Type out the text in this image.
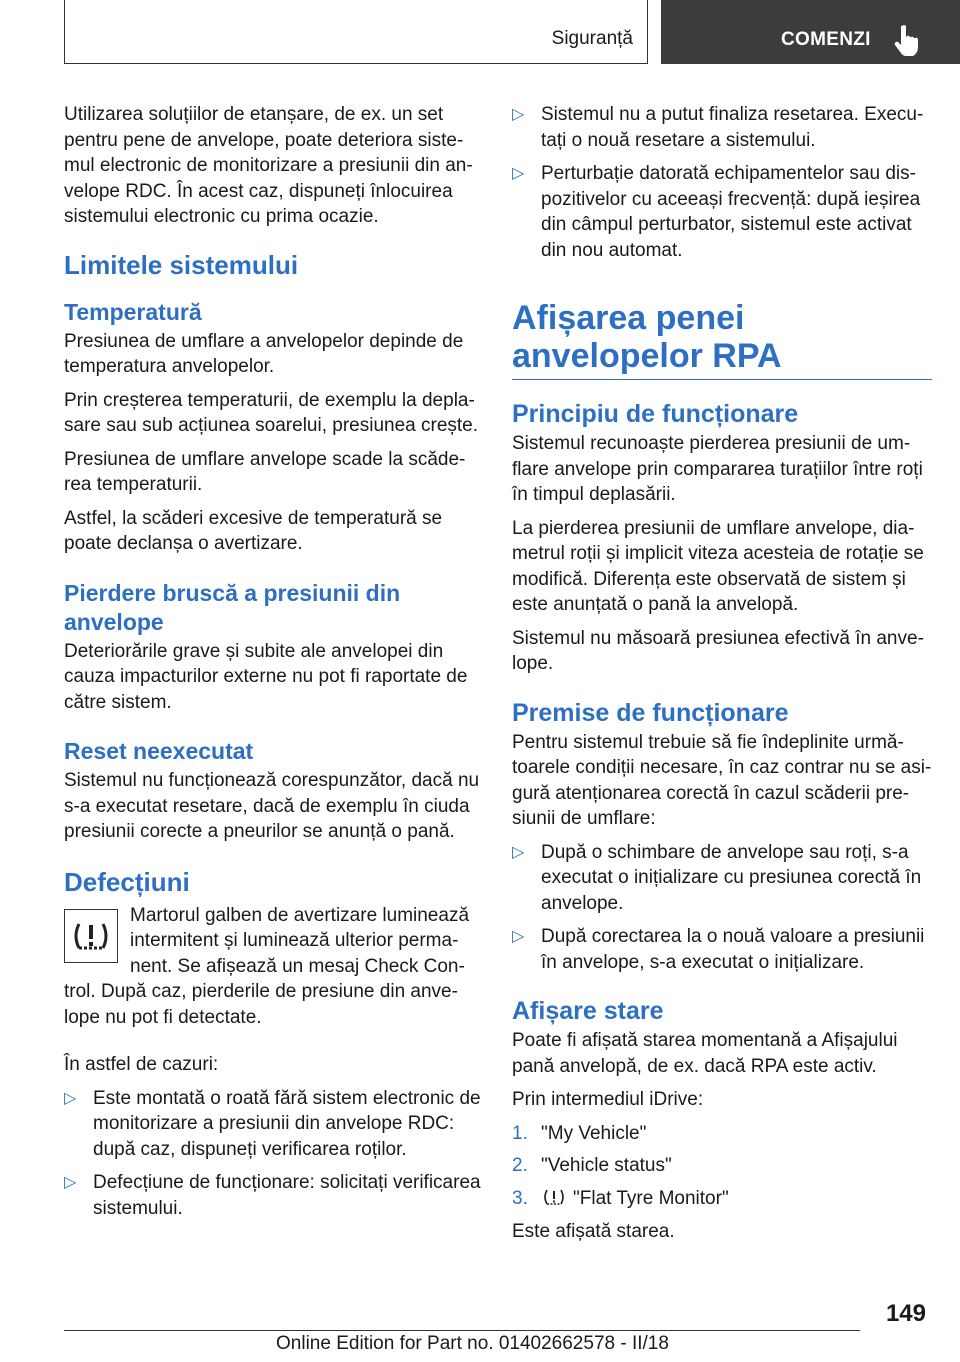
Siguranță	COMENZI

Utilizarea soluțiilor de etanșare, de ex. un set pentru pene de anvelope, poate deteriora sistemul electronic de monitorizare a presiunii din anvelope RDC. În acest caz, dispuneți înlocuirea sistemului electronic cu prima ocazie.

Limitele sistemului
Temperatură

Presiunea de umflare a anvelopelor depinde de temperatura anvelopelor.

Prin creșterea temperaturii, de exemplu la deplasare sau sub acțiunea soarelui, presiunea crește.

Presiunea de umflare anvelope scade la scăderea temperaturii.

Astfel, la scăderi excesive de temperatură se poate declanșa o avertizare.

Pierdere bruscă a presiunii din anvelope

Deteriorările grave și subite ale anvelopei din cauza impacturilor externe nu pot fi raportate de către sistem.

Reset neexecutat

Sistemul nu funcționează corespunzător, dacă nu s-a executat resetare, dacă de exemplu în ciuda presiunii corecte a pneurilor se anunță o pană.

Defecțiuni

Martorul galben de avertizare luminează intermitent și luminează ulterior permanent. Se afișează un mesaj Check Control. După caz, pierderile de presiune din anvelope nu pot fi detectate.

În astfel de cazuri:

▷ Este montată o roată fără sistem electronic de monitorizare a presiunii din anvelope RDC: după caz, dispuneți verificarea roților.
▷ Defecțiune de funcționare: solicitați verificarea sistemului.
▷ Sistemul nu a putut finaliza resetarea. Executați o nouă resetare a sistemului.
▷ Perturbație datorată echipamentelor sau dispozitivelor cu aceeași frecvență: după ieșirea din câmpul perturbator, sistemul este activat din nou automat.
Afișarea penei anvelopelor RPA
Principiu de funcționare

Sistemul recunoaște pierderea presiunii de umflare anvelope prin compararea turațiilor între roți în timpul deplasării.

La pierderea presiunii de umflare anvelope, diametrul roții și implicit viteza acesteia de rotație se modifică. Diferența este observată de sistem și este anunțată o pană la anvelopă.

Sistemul nu măsoară presiunea efectivă în anvelope.

Premise de funcționare

Pentru sistemul trebuie să fie îndeplinite următoarele condiții necesare, în caz contrar nu se asigură atenționarea corectă în cazul scăderii presiunii de umflare:

▷ După o schimbare de anvelope sau roți, s-a executat o inițializare cu presiunea corectă în anvelope.
▷ După corectarea la o nouă valoare a presiunii în anvelope, s-a executat o inițializare.
Afișare stare

Poate fi afișată starea momentană a Afișajului pană anvelopă, de ex. dacă RPA este activ.

Prin intermediul iDrive:

1. "My Vehicle"
2. "Vehicle status"
3. "Flat Tyre Monitor"

Este afișată starea.

149
Online Edition for Part no. 01402662578 - II/18
